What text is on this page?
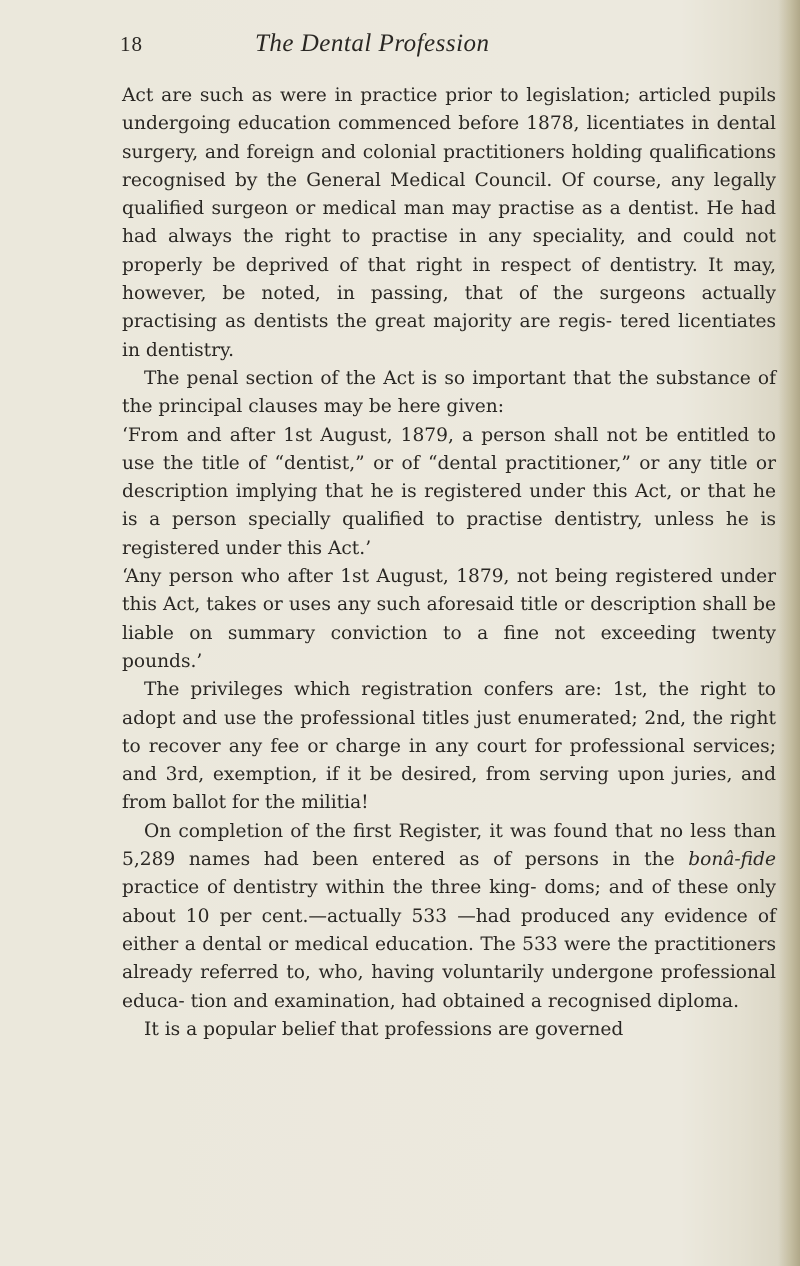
18	The Dental Profession

Act are such as were in practice prior to legislation; articled pupils undergoing education commenced before 1878, licentiates in dental surgery, and foreign and colonial practitioners holding qualifications recognised by the General Medical Council. Of course, any legally qualified surgeon or medical man may practise as a dentist. He had had always the right to practise in any speciality, and could not properly be deprived of that right in respect of dentistry. It may, however, be noted, in passing, that of the surgeons actually practising as dentists the great majority are regis- tered licentiates in dentistry.

The penal section of the Act is so important that the substance of the principal clauses may be here given:

‘From and after 1st August, 1879, a person shall not be entitled to use the title of “dentist,” or of “dental practitioner,” or any title or description implying that he is registered under this Act, or that he is a person specially qualified to practise dentistry, unless he is registered under this Act.’

‘Any person who after 1st August, 1879, not being registered under this Act, takes or uses any such aforesaid title or description shall be liable on summary conviction to a fine not exceeding twenty pounds.’

The privileges which registration confers are: 1st, the right to adopt and use the professional titles just enumerated; 2nd, the right to recover any fee or charge in any court for professional services; and 3rd, exemption, if it be desired, from serving upon juries, and from ballot for the militia!

On completion of the first Register, it was found that no less than 5,289 names had been entered as of persons in the bonâ-fide practice of dentistry within the three king- doms; and of these only about 10 per cent.—actually 533 —had produced any evidence of either a dental or medical education. The 533 were the practitioners already referred to, who, having voluntarily undergone professional educa- tion and examination, had obtained a recognised diploma.

It is a popular belief that professions are governed
